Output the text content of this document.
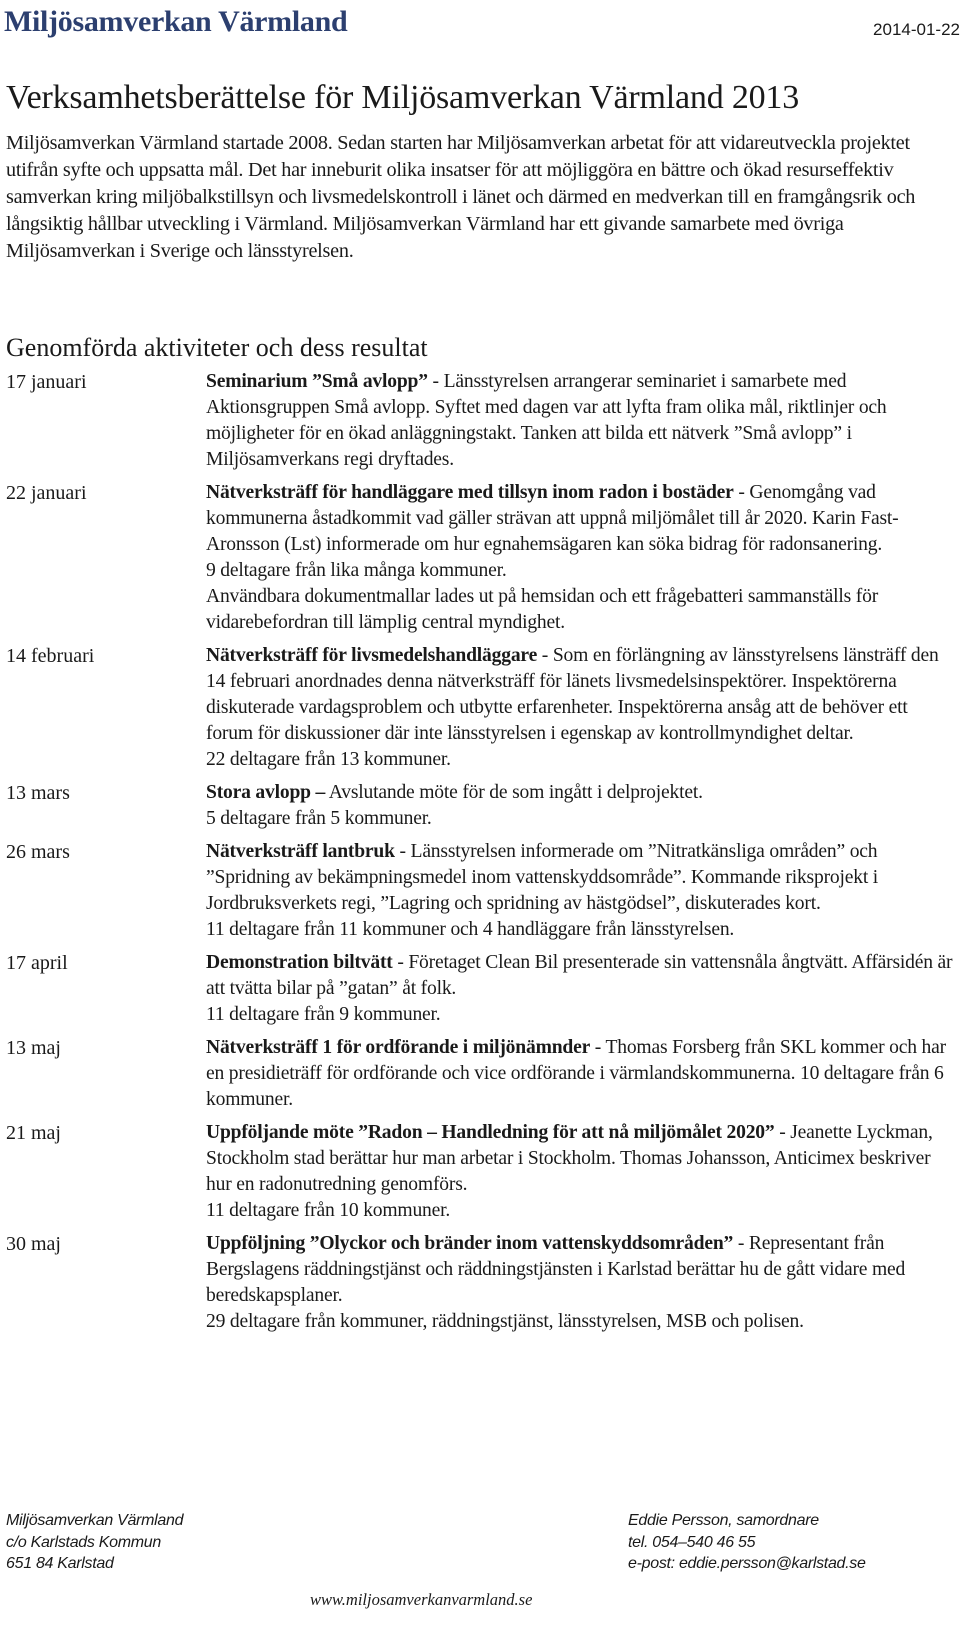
Miljösamverkan Värmland	2014-01-22
Verksamhetsberättelse för Miljösamverkan Värmland 2013

Miljösamverkan Värmland startade 2008. Sedan starten har Miljösamverkan arbetat för att vidareutveckla projektet utifrån syfte och uppsatta mål. Det har inneburit olika insatser för att möjliggöra en bättre och ökad resurseffektiv samverkan kring miljöbalkstillsyn och livsmedelskontroll i länet och därmed en medverkan till en framgångsrik och långsiktig hållbar utveckling i Värmland. Miljösamverkan Värmland har ett givande samarbete med övriga Miljösamverkan i Sverige och länsstyrelsen.

Genomförda aktiviteter och dess resultat
17 januari	Seminarium ”Små avlopp” - Länsstyrelsen arrangerar seminariet i samarbete med Aktionsgruppen Små avlopp. Syftet med dagen var att lyfta fram olika mål, riktlinjer och möjligheter för en ökad anläggningstakt. Tanken att bilda ett nätverk ”Små avlopp” i Miljösamverkans regi dryftades.
22 januari	Nätverksträff för handläggare med tillsyn inom radon i bostäder - Genomgång vad kommunerna åstadkommit vad gäller strävan att uppnå miljömålet till år 2020. Karin Fast-Aronsson (Lst) informerade om hur egnahemsägaren kan söka bidrag för radonsanering.
9 deltagare från lika många kommuner.
Användbara dokumentmallar lades ut på hemsidan och ett frågebatteri sammanställs för vidarebefordran till lämplig central myndighet.
14 februari	Nätverksträff för livsmedelshandläggare - Som en förlängning av länsstyrelsens länsträff den 14 februari anordnades denna nätverksträff för länets livsmedelsinspektörer. Inspektörerna diskuterade vardagsproblem och utbytte erfarenheter. Inspektörerna ansåg att de behöver ett forum för diskussioner där inte länsstyrelsen i egenskap av kontrollmyndighet deltar.
22 deltagare från 13 kommuner.
13 mars	Stora avlopp – Avslutande möte för de som ingått i delprojektet.
5 deltagare från 5 kommuner.
26 mars	Nätverksträff lantbruk - Länsstyrelsen informerade om ”Nitratkänsliga områden” och ”Spridning av bekämpningsmedel inom vattenskyddsområde”. Kommande riksprojekt i Jordbruksverkets regi, ”Lagring och spridning av hästgödsel”, diskuterades kort.
11 deltagare från 11 kommuner och 4 handläggare från länsstyrelsen.
17 april	Demonstration biltvätt - Företaget Clean Bil presenterade sin vattensnåla ångtvätt. Affärsidén är att tvätta bilar på ”gatan” åt folk.
11 deltagare från 9 kommuner.
13 maj	Nätverksträff 1 för ordförande i miljönämnder - Thomas Forsberg från SKL kommer och har en presidieträff för ordförande och vice ordförande i värmlandskommunerna. 10 deltagare från 6 kommuner.
21 maj	Uppföljande möte ”Radon – Handledning för att nå miljömålet 2020” - Jeanette Lyckman, Stockholm stad berättar hur man arbetar i Stockholm. Thomas Johansson, Anticimex beskriver hur en radonutredning genomförs.
11 deltagare från 10 kommuner.
30 maj	Uppföljning ”Olyckor och bränder inom vattenskyddsområden” - Representant från Bergslagens räddningstjänst och räddningstjänsten i Karlstad berättar hu de gått vidare med beredskapsplaner.
29 deltagare från kommuner, räddningstjänst, länsstyrelsen, MSB och polisen.
Miljösamverkan Värmland
c/o Karlstads Kommun
651 84 Karlstad
Eddie Persson, samordnare
tel. 054–540 46 55
e-post: eddie.persson@karlstad.se
www.miljosamverkanvarmland.se
